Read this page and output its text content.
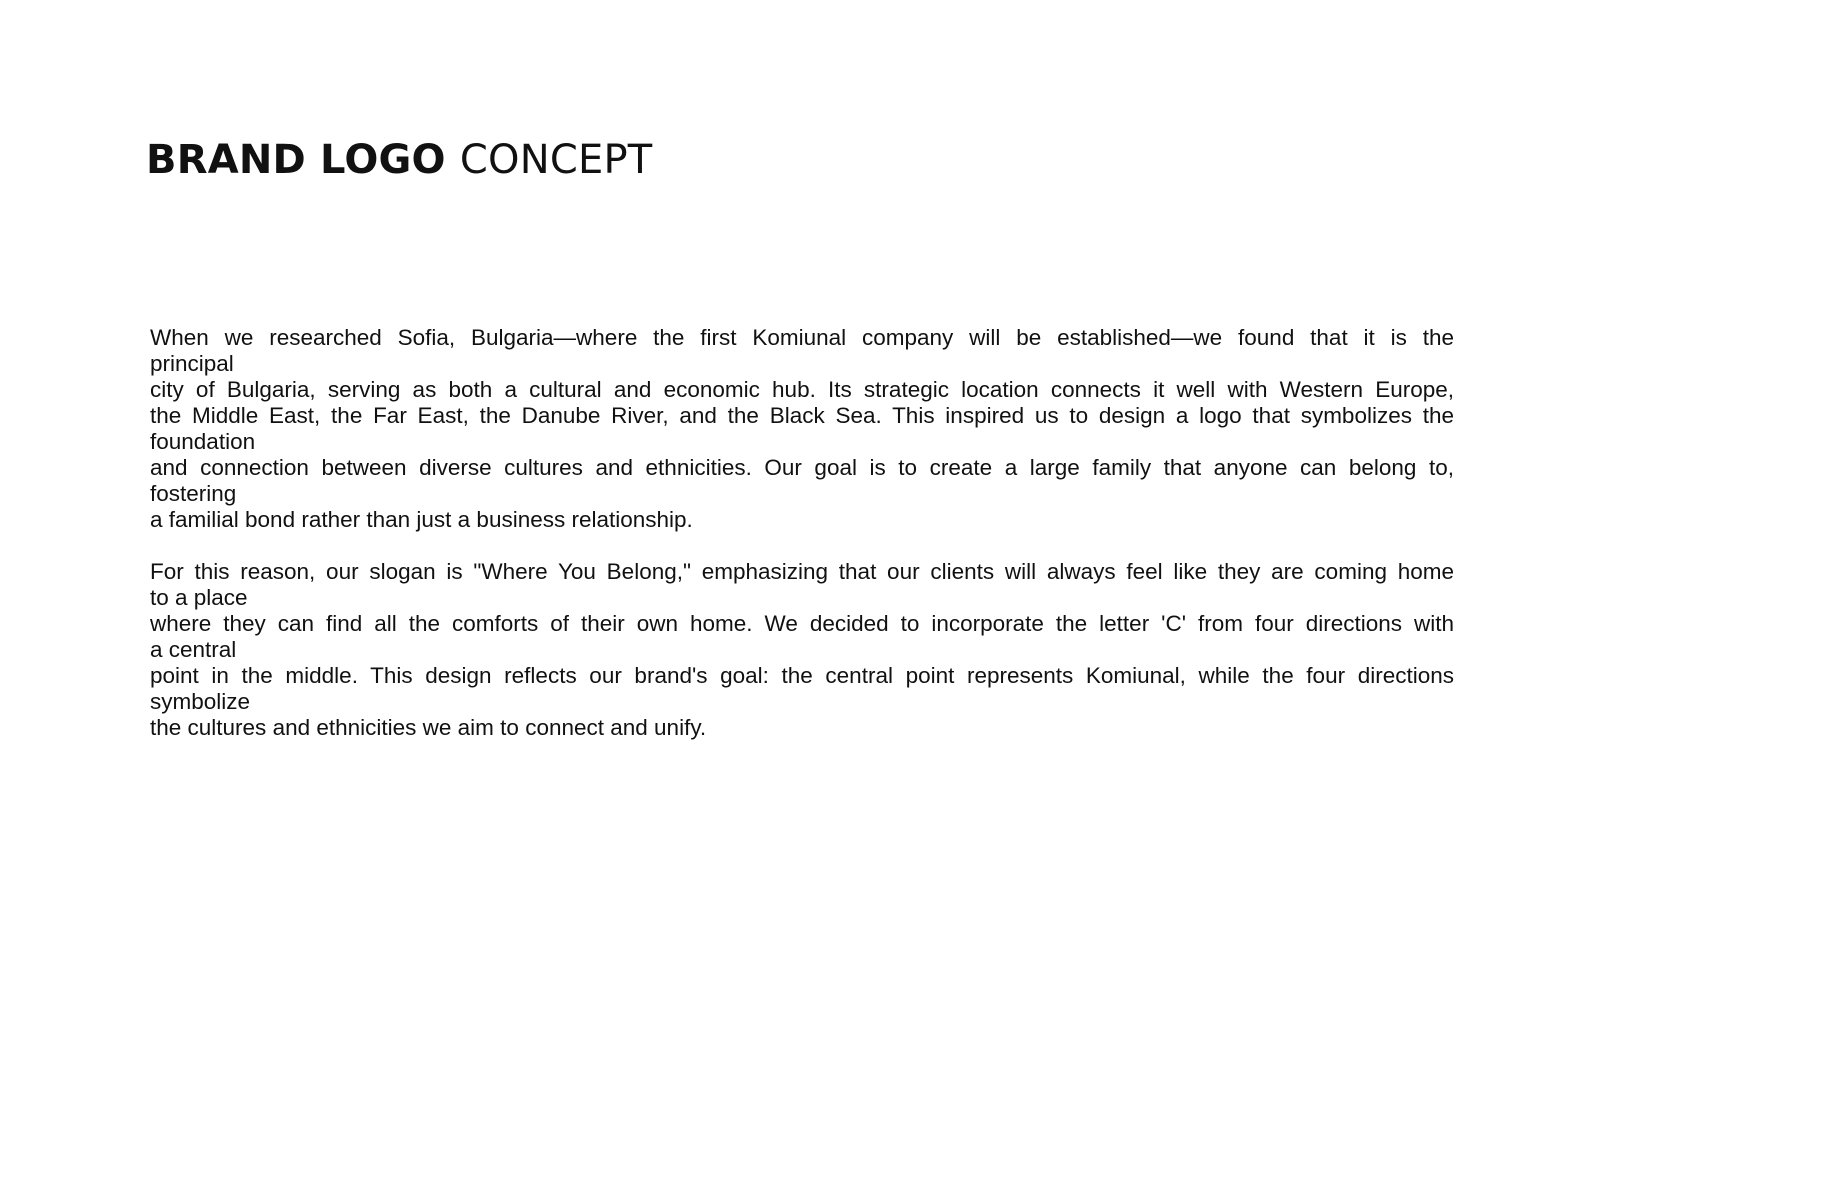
BRAND LOGO CONCEPT

When we researched Sofia, Bulgaria—where the first Komiunal company will be established—we found that it is the
principal
city of Bulgaria, serving as both a cultural and economic hub. Its strategic location connects it well with Western Europe,
the Middle East, the Far East, the Danube River, and the Black Sea. This inspired us to design a logo that symbolizes the
foundation
and connection between diverse cultures and ethnicities. Our goal is to create a large family that anyone can belong to,
fostering
a familial bond rather than just a business relationship.

For this reason, our slogan is "Where You Belong," emphasizing that our clients will always feel like they are coming home
to a place
where they can find all the comforts of their own home. We decided to incorporate the letter 'C' from four directions with
a central
point in the middle. This design reflects our brand's goal: the central point represents Komiunal, while the four directions
symbolize
the cultures and ethnicities we aim to connect and unify.
